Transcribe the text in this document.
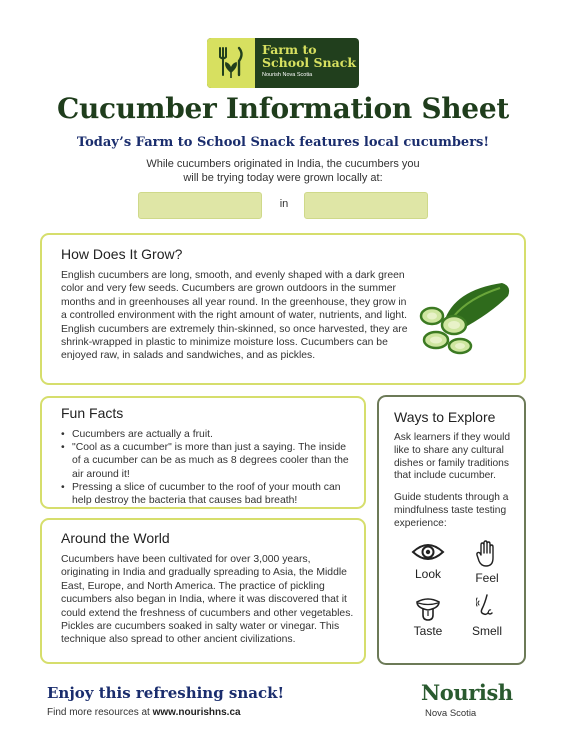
Farm to
School Snack
Nourish Nova Scotia
Cucumber Information Sheet
Today’s Farm to School Snack features local cucumbers!
While cucumbers originated in India, the cucumbers you
will be trying today were grown locally at:
in
How Does It Grow?

English cucumbers are long, smooth, and evenly shaped with a dark green color and very few seeds. Cucumbers are grown outdoors in the summer months and in greenhouses all year round. In the greenhouse, they grow in a controlled environment with the right amount of water, nutrients, and light. English cucumbers are extremely thin-skinned, so once harvested, they are shrink-wrapped in plastic to minimize moisture loss. Cucumbers can be enjoyed raw, in salads and sandwiches, and as pickles.

Fun Facts
• Cucumbers are actually a fruit.
• "Cool as a cucumber" is more than just a saying. The inside of a cucumber can be as much as 8 degrees cooler than the air around it!
• Pressing a slice of cucumber to the roof of your mouth can help destroy the bacteria that causes bad breath!
Around the World

Cucumbers have been cultivated for over 3,000 years, originating in India and gradually spreading to Asia, the Middle East, Europe, and North America. The practice of pickling cucumbers also began in India, where it was discovered that it could extend the freshness of cucumbers and other vegetables. Pickles are cucumbers soaked in salty water or vinegar. This technique also spread to other ancient civilizations.

Ways to Explore

Ask learners if they would like to share any cultural dishes or family traditions that include cucumber.

Guide students through a mindfulness taste testing experience:

Look	Feel
Taste	Smell
Enjoy this refreshing snack!
Find more resources at www.nourishns.ca
Nourish
Nova Scotia
